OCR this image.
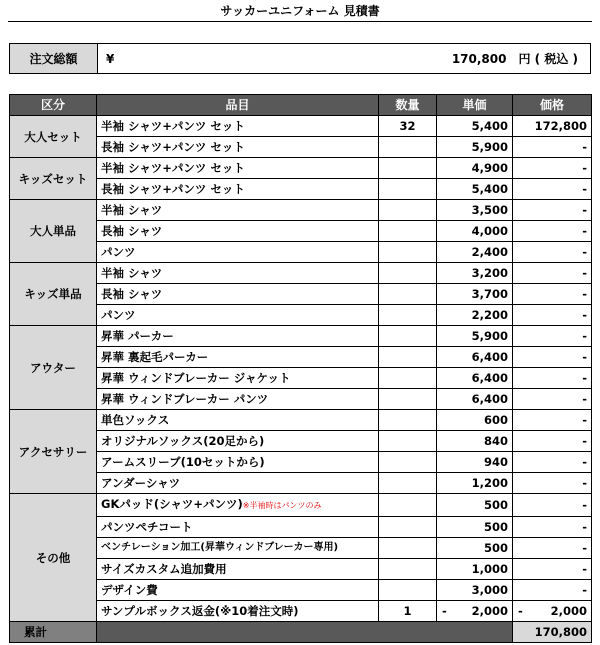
サッカーユニフォーム 見積書
注文総額	¥	170,800 円 ( 税込 )
区分	品目	数量	単価	価格
大人セット	半袖 シャツ+パンツ セット	32	5,400	172,800
	長袖 シャツ+パンツ セット		5,900	-
キッズセット	半袖 シャツ+パンツ セット		4,900	-
	長袖 シャツ+パンツ セット		5,400	-
大人単品	半袖 シャツ		3,500	-
	長袖 シャツ		4,000	-
	パンツ		2,400	-
キッズ単品	半袖 シャツ		3,200	-
	長袖 シャツ		3,700	-
	パンツ		2,200	-
アウター	昇華 パーカー		5,900	-
	昇華 裏起毛パーカー		6,400	-
	昇華 ウィンドブレーカー ジャケット		6,400	-
	昇華 ウィンドブレーカー パンツ		6,400	-
アクセサリー	単色ソックス		600	-
	オリジナルソックス(20足から)		840	-
	アームスリーブ(10セットから)		940	-
	アンダーシャツ		1,200	-
その他	GKパッド(シャツ+パンツ)※半袖時はパンツのみ		500	-
	パンツペチコート		500	-
	ベンチレーション加工(昇華ウィンドブレーカー専用)		500	-
	サイズカスタム追加費用		1,000	-
	デザイン費		3,000	-
	サンプルボックス返金(※10着注文時)	1	- 2,000	- 2,000
累計				170,800
